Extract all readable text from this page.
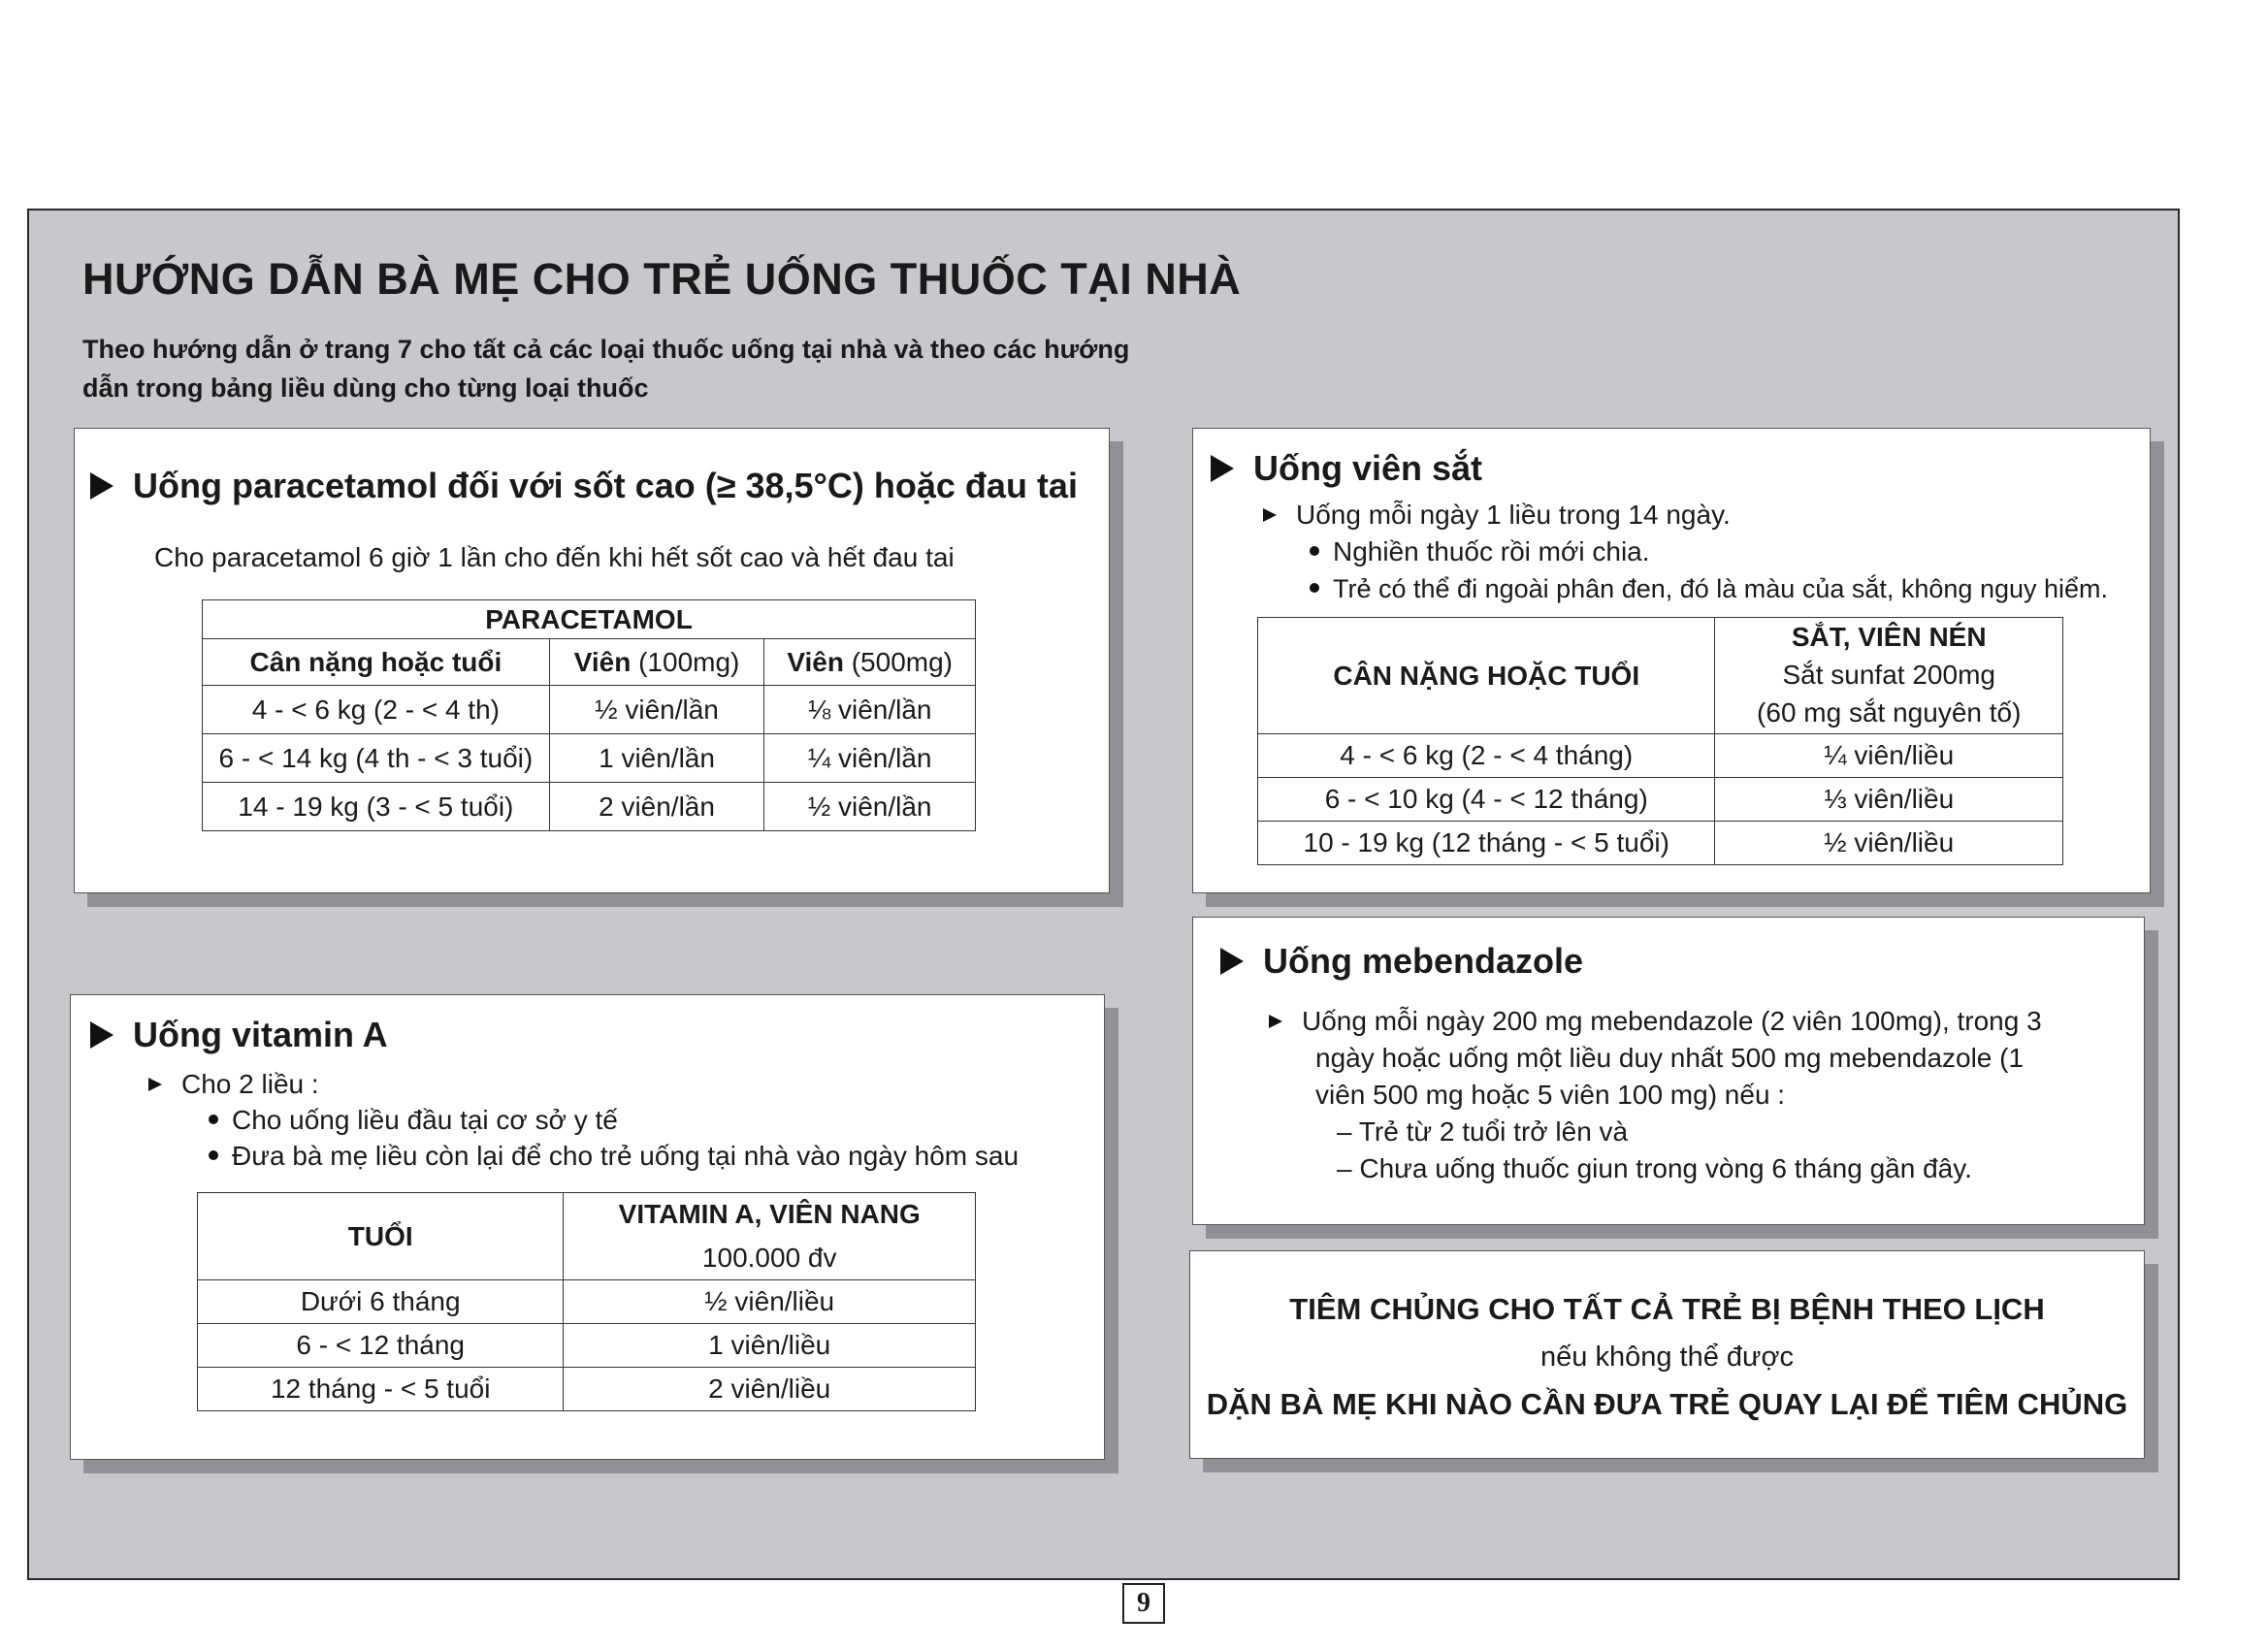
HƯỚNG DẪN BÀ MẸ CHO TRẺ UỐNG THUỐC TẠI NHÀ
Theo hướng dẫn ở trang 7 cho tất cả các loại thuốc uống tại nhà và theo các hướng
dẫn trong bảng liều dùng cho từng loại thuốc
Uống paracetamol đối với sốt cao (≥ 38,5°C) hoặc đau tai

Cho paracetamol 6 giờ 1 lần cho đến khi hết sốt cao và hết đau tai

PARACETAMOL		
Cân nặng hoặc tuổi	Viên (100mg)	Viên (500mg)
4 - < 6 kg (2 - < 4 th)	½ viên/lần	⅛ viên/lần
6 - < 14 kg (4 th - < 3 tuổi)	1 viên/lần	¼ viên/lần
14 - 19 kg (3 - < 5 tuổi)	2 viên/lần	½ viên/lần
Uống vitamin A

Cho 2 liều :

Cho uống liều đầu tại cơ sở y tế

Đưa bà mẹ liều còn lại để cho trẻ uống tại nhà vào ngày hôm sau

TUỔI	VITAMIN A, VIÊN NANG
	100.000 đv
Dưới 6 tháng	½ viên/liều
6 - < 12 tháng	1 viên/liều
12 tháng - < 5 tuổi	2 viên/liều
Uống viên sắt

Uống mỗi ngày 1 liều trong 14 ngày.

Nghiền thuốc rồi mới chia.

Trẻ có thể đi ngoài phân đen, đó là màu của sắt, không nguy hiểm.

CÂN NẶNG HOẶC TUỔI	SẮT, VIÊN NÉN
	Sắt sunfat 200mg
	(60 mg sắt nguyên tố)
4 - < 6 kg (2 - < 4 tháng)	¼ viên/liều
6 - < 10 kg (4 - < 12 tháng)	⅓ viên/liều
10 - 19 kg (12 tháng - < 5 tuổi)	½ viên/liều
Uống mebendazole

Uống mỗi ngày 200 mg mebendazole (2 viên 100mg), trong 3

ngày hoặc uống một liều duy nhất 500 mg mebendazole (1

viên 500 mg hoặc 5 viên 100 mg) nếu :

– Trẻ từ 2 tuổi trở lên và

– Chưa uống thuốc giun trong vòng 6 tháng gần đây.

TIÊM CHỦNG CHO TẤT CẢ TRẺ BỊ BỆNH THEO LỊCH

nếu không thể được

DẶN BÀ MẸ KHI NÀO CẦN ĐƯA TRẺ QUAY LẠI ĐỂ TIÊM CHỦNG

9
